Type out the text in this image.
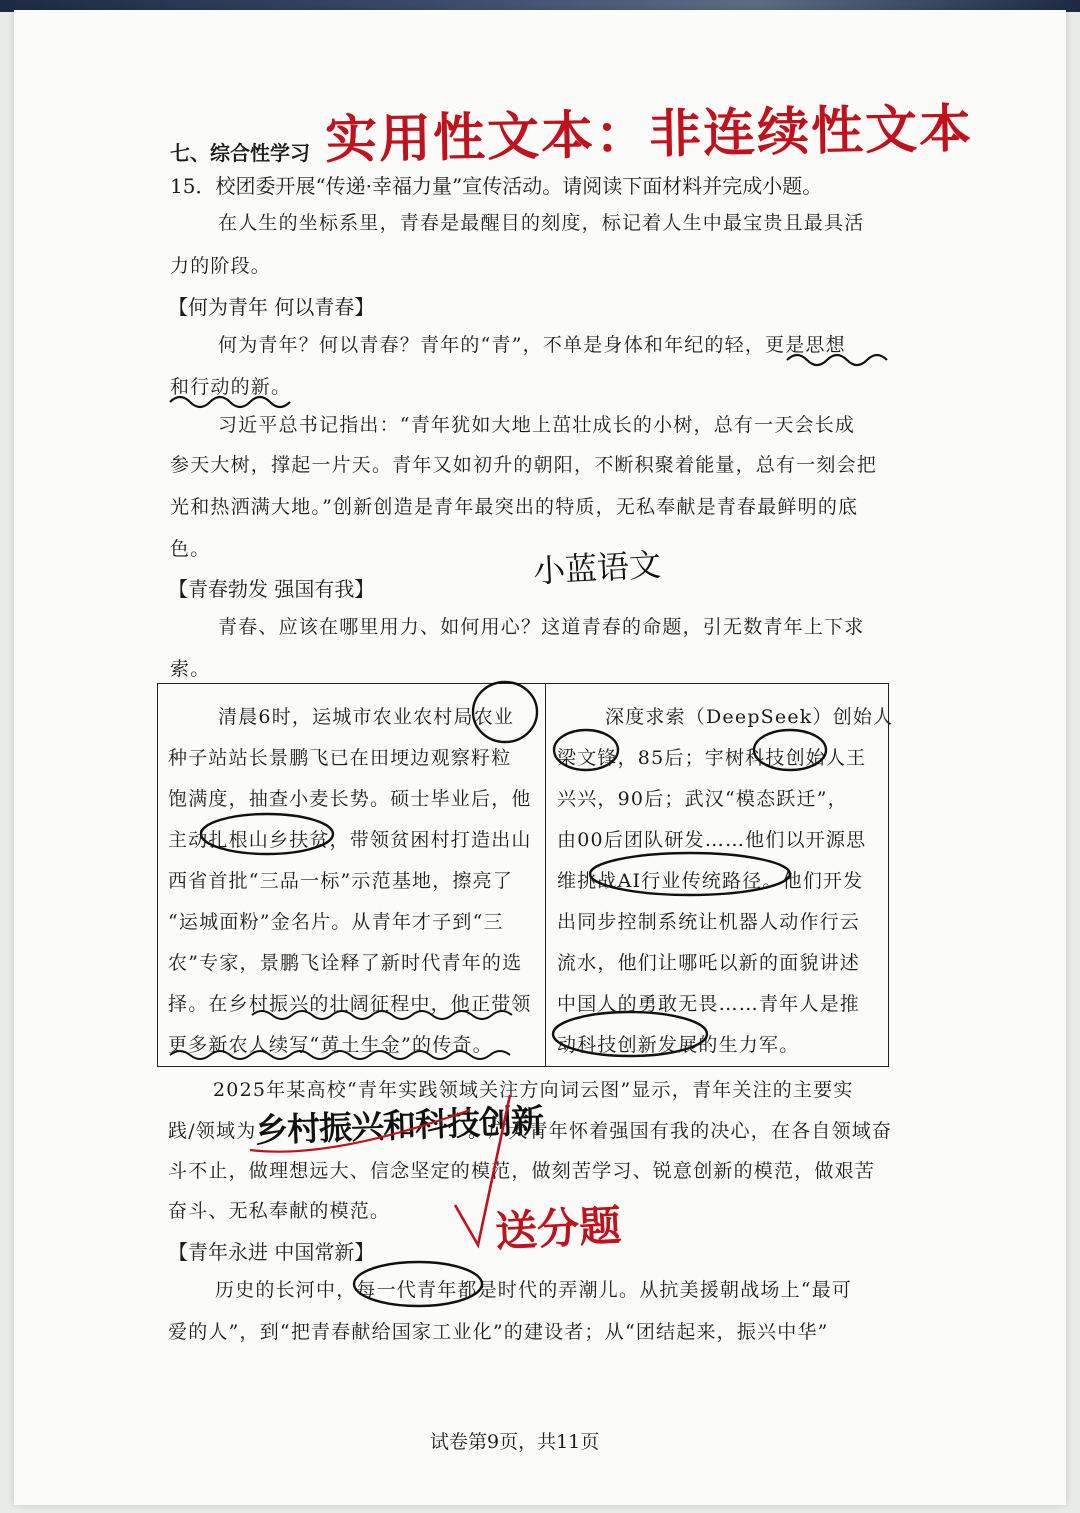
实用性文本：非连续性文本
七、综合性学习
15．校团委开展“传递·幸福力量”宣传活动。请阅读下面材料并完成小题。
在人生的坐标系里，青春是最醒目的刻度，标记着人生中最宝贵且最具活
力的阶段。
【何为青年 何以青春】
何为青年？何以青春？青年的“青”，不单是身体和年纪的轻，更是思想
和行动的新。
习近平总书记指出：“青年犹如大地上茁壮成长的小树，总有一天会长成
参天大树，撑起一片天。青年又如初升的朝阳，不断积聚着能量，总有一刻会把
光和热洒满大地。”创新创造是青年最突出的特质，无私奉献是青春最鲜明的底
色。	小蓝语文
【青春勃发 强国有我】
青春、应该在哪里用力、如何用心？这道青春的命题，引无数青年上下求
索。
清晨6时，运城市农业农村局农业
种子站站长景鹏飞已在田埂边观察籽粒
饱满度，抽查小麦长势。硕士毕业后，他
主动扎根山乡扶贫，带领贫困村打造出山
西省首批“三品一标”示范基地，擦亮了
“运城面粉”金名片。从青年才子到“三
农”专家，景鹏飞诠释了新时代青年的选
择。在乡村振兴的壮阔征程中，他正带领
更多新农人续写“黄土生金”的传奇。
深度求索（DeepSeek）创始人
梁文锋，85后；宇树科技创始人王
兴兴，90后；武汉“模态跃迁”，
由00后团队研发……他们以开源思
维挑战AI行业传统路径。他们开发
出同步控制系统让机器人动作行云
流水，他们让哪吒以新的面貌讲述
中国人的勇敢无畏……青年人是推
动科技创新发展的生力军。
2025年某高校“青年实践领域关注方向词云图”显示，青年关注的主要实
践/领域为
乡村振兴和科技创新
。广大青年怀着强国有我的决心，在各自领域奋
斗不止，做理想远大、信念坚定的模范，做刻苦学习、锐意创新的模范，做艰苦
奋斗、无私奉献的模范。 送分题
【青年永进 中国常新】
历史的长河中，每一代青年都是时代的弄潮儿。从抗美援朝战场上“最可
爱的人”，到“把青春献给国家工业化”的建设者；从“团结起来，振兴中华”
试卷第9页，共11页
